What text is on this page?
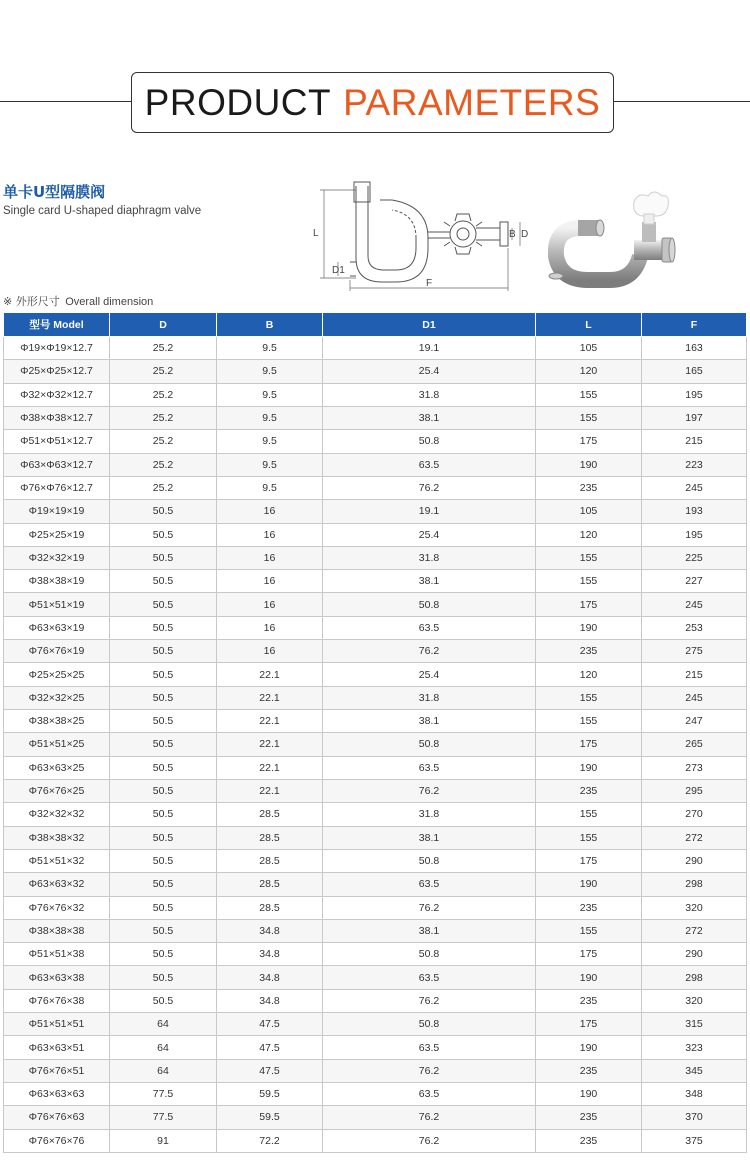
PRODUCT PARAMETERS
单卡U型隔膜阀
Single card U-shaped diaphragm valve
L
D1
B D
F
※ 外形尺寸 Overall dimension
型号 Model	D	B	D1	L	F
Φ19×Φ19×12.7	25.2	9.5	19.1	105	163
Φ25×Φ25×12.7	25.2	9.5	25.4	120	165
Φ32×Φ32×12.7	25.2	9.5	31.8	155	195
Φ38×Φ38×12.7	25.2	9.5	38.1	155	197
Φ51×Φ51×12.7	25.2	9.5	50.8	175	215
Φ63×Φ63×12.7	25.2	9.5	63.5	190	223
Φ76×Φ76×12.7	25.2	9.5	76.2	235	245
Φ19×19×19	50.5	16	19.1	105	193
Φ25×25×19	50.5	16	25.4	120	195
Φ32×32×19	50.5	16	31.8	155	225
Φ38×38×19	50.5	16	38.1	155	227
Φ51×51×19	50.5	16	50.8	175	245
Φ63×63×19	50.5	16	63.5	190	253
Φ76×76×19	50.5	16	76.2	235	275
Φ25×25×25	50.5	22.1	25.4	120	215
Φ32×32×25	50.5	22.1	31.8	155	245
Φ38×38×25	50.5	22.1	38.1	155	247
Φ51×51×25	50.5	22.1	50.8	175	265
Φ63×63×25	50.5	22.1	63.5	190	273
Φ76×76×25	50.5	22.1	76.2	235	295
Φ32×32×32	50.5	28.5	31.8	155	270
Φ38×38×32	50.5	28.5	38.1	155	272
Φ51×51×32	50.5	28.5	50.8	175	290
Φ63×63×32	50.5	28.5	63.5	190	298
Φ76×76×32	50.5	28.5	76.2	235	320
Φ38×38×38	50.5	34.8	38.1	155	272
Φ51×51×38	50.5	34.8	50.8	175	290
Φ63×63×38	50.5	34.8	63.5	190	298
Φ76×76×38	50.5	34.8	76.2	235	320
Φ51×51×51	64	47.5	50.8	175	315
Φ63×63×51	64	47.5	63.5	190	323
Φ76×76×51	64	47.5	76.2	235	345
Φ63×63×63	77.5	59.5	63.5	190	348
Φ76×76×63	77.5	59.5	76.2	235	370
Φ76×76×76	91	72.2	76.2	235	375
